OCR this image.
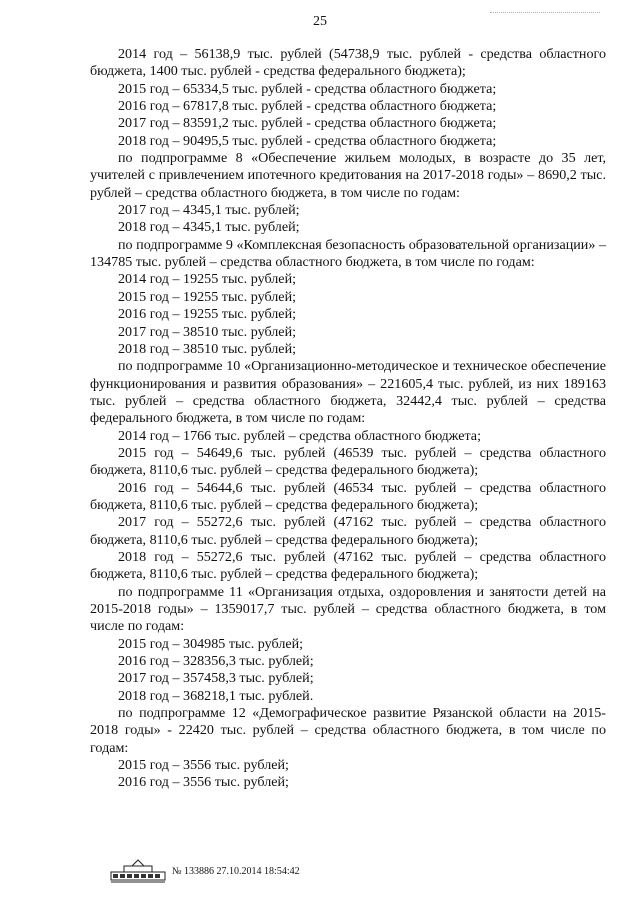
25

2014 год – 56138,9 тыс. рублей (54738,9 тыс. рублей - средства областного бюджета, 1400 тыс. рублей - средства федерального бюджета);

2015 год – 65334,5 тыс. рублей - средства областного бюджета;

2016 год – 67817,8 тыс. рублей - средства областного бюджета;

2017 год – 83591,2 тыс. рублей - средства областного бюджета;

2018 год – 90495,5 тыс. рублей - средства областного бюджета;

по подпрограмме 8 «Обеспечение жильем молодых, в возрасте до 35 лет, учителей с привлечением ипотечного кредитования на 2017-2018 годы» – 8690,2 тыс. рублей – средства областного бюджета, в том числе по годам:

2017 год – 4345,1 тыс. рублей;

2018 год – 4345,1 тыс. рублей;

по подпрограмме 9 «Комплексная безопасность образовательной организации» – 134785 тыс. рублей – средства областного бюджета, в том числе по годам:

2014 год – 19255 тыс. рублей;

2015 год – 19255 тыс. рублей;

2016 год – 19255 тыс. рублей;

2017 год – 38510 тыс. рублей;

2018 год – 38510 тыс. рублей;

по подпрограмме 10 «Организационно-методическое и техническое обеспечение функционирования и развития образования» – 221605,4 тыс. рублей, из них 189163 тыс. рублей – средства областного бюджета, 32442,4 тыс. рублей – средства федерального бюджета, в том числе по годам:

2014 год – 1766 тыс. рублей – средства областного бюджета;

2015 год – 54649,6 тыс. рублей (46539 тыс. рублей – средства областного бюджета, 8110,6 тыс. рублей – средства федерального бюджета);

2016 год – 54644,6 тыс. рублей (46534 тыс. рублей – средства областного бюджета, 8110,6 тыс. рублей – средства федерального бюджета);

2017 год – 55272,6 тыс. рублей (47162 тыс. рублей – средства областного бюджета, 8110,6 тыс. рублей – средства федерального бюджета);

2018 год – 55272,6 тыс. рублей (47162 тыс. рублей – средства областного бюджета, 8110,6 тыс. рублей – средства федерального бюджета);

по подпрограмме 11 «Организация отдыха, оздоровления и занятости детей на 2015-2018 годы» – 1359017,7 тыс. рублей – средства областного бюджета, в том числе по годам:

2015 год – 304985 тыс. рублей;

2016 год – 328356,3 тыс. рублей;

2017 год – 357458,3 тыс. рублей;

2018 год – 368218,1 тыс. рублей.

по подпрограмме 12 «Демографическое развитие Рязанской области на 2015-2018 годы» - 22420 тыс. рублей – средства областного бюджета, в том числе по годам:

2015 год – 3556 тыс. рублей;

2016 год – 3556 тыс. рублей;

№ 133886 27.10.2014 18:54:42
